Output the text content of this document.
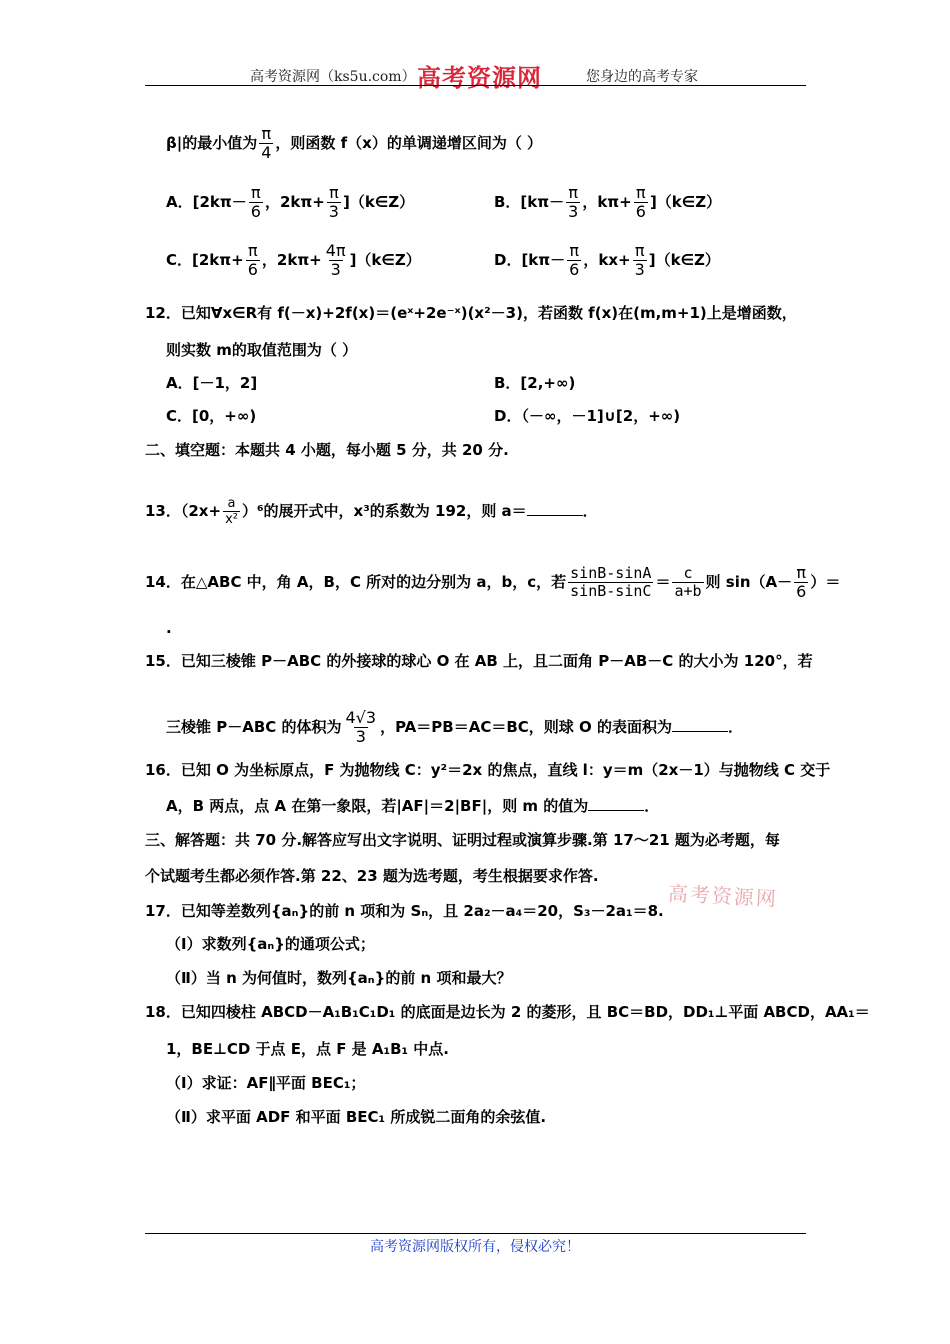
高考资源网（ks5u.com） 高考资源网	您身边的高考专家
β|的最小值为 $\frac{\pi}{4}$ ，则函数 f（x）的单调递增区间为（ ）
A．[$2k\pi- \frac{\pi}{6}$ ，$2k\pi+ \frac{\pi}{3}$ ]（k∈Z）	B．[$k\pi- \frac{\pi}{3}$ ，$k\pi+ \frac{\pi}{6}$ ]（k∈Z）
C．[$2k\pi+ \frac{\pi}{6}$ ，$2k\pi+ \frac{4\pi}{3}$ ]（k∈Z）	D．[$k\pi- \frac{\pi}{6}$ ，$kx+ \frac{\pi}{3}$ ]（k∈Z）
12．已知∀x∈R有 f(－x)+2f(x)＝(eˣ+2e⁻ˣ)(x²－3)，若函数 f(x)在(m,m+1)上是增函数，
则实数 m的取值范围为（ ）
A．[－1，2]	B．[2,+∞)
C．[0，+∞)	D．（－∞，－1]∪[2，+∞)
二、填空题：本题共 4 小题，每小题 5 分，共 20 分.
13．$(2x+ \frac{a}{\text{x²}} )^6$的展开式中，x³的系数为 192，则 a＝	．
14．在△ABC 中，角 A，B，C 所对的边分别为 a，b，c，若 $\frac{\sin B-\sin A}{\sin B-\sin C} = \frac{c}{a+b}$ 则 $\sin(A- \frac{\pi}{6}$ ）＝
.
15．已知三棱锥 P－ABC 的外接球的球心 O 在 AB 上，且二面角 P－AB－C 的大小为 120°，若
三棱锥 P－ABC 的体积为 $\frac{4√3}{3}$ ，PA＝PB＝AC＝BC，则球 O 的表面积为	．
16．已知 O 为坐标原点，F 为抛物线 C：y²＝2x 的焦点，直线 l：y＝m（2x－1）与抛物线 C 交于
A，B 两点，点 A 在第一象限，若|AF|＝2|BF|，则 m 的值为	．
三、解答题：共 70 分.解答应写出文字说明、证明过程或演算步骤.第 17～21 题为必考题，每
个试题考生都必须作答.第 22、23 题为选考题，考生根据要求作答.
高考资源网
17．已知等差数列{aₙ}的前 n 项和为 Sₙ，且 2a₂－a₄＝20，S₃－2a₁＝8.
（Ⅰ）求数列{aₙ}的通项公式；
（Ⅱ）当 n 为何值时，数列{aₙ}的前 n 项和最大？
18．已知四棱柱 ABCD－A₁B₁C₁D₁ 的底面是边长为 2 的菱形，且 BC＝BD，DD₁⊥平面 ABCD，AA₁＝
1，BE⊥CD 于点 E，点 F 是 A₁B₁ 中点.
（Ⅰ）求证：AF∥平面 BEC₁；
（Ⅱ）求平面 ADF 和平面 BEC₁ 所成锐二面角的余弦值.
高考资源网版权所有，侵权必究！
